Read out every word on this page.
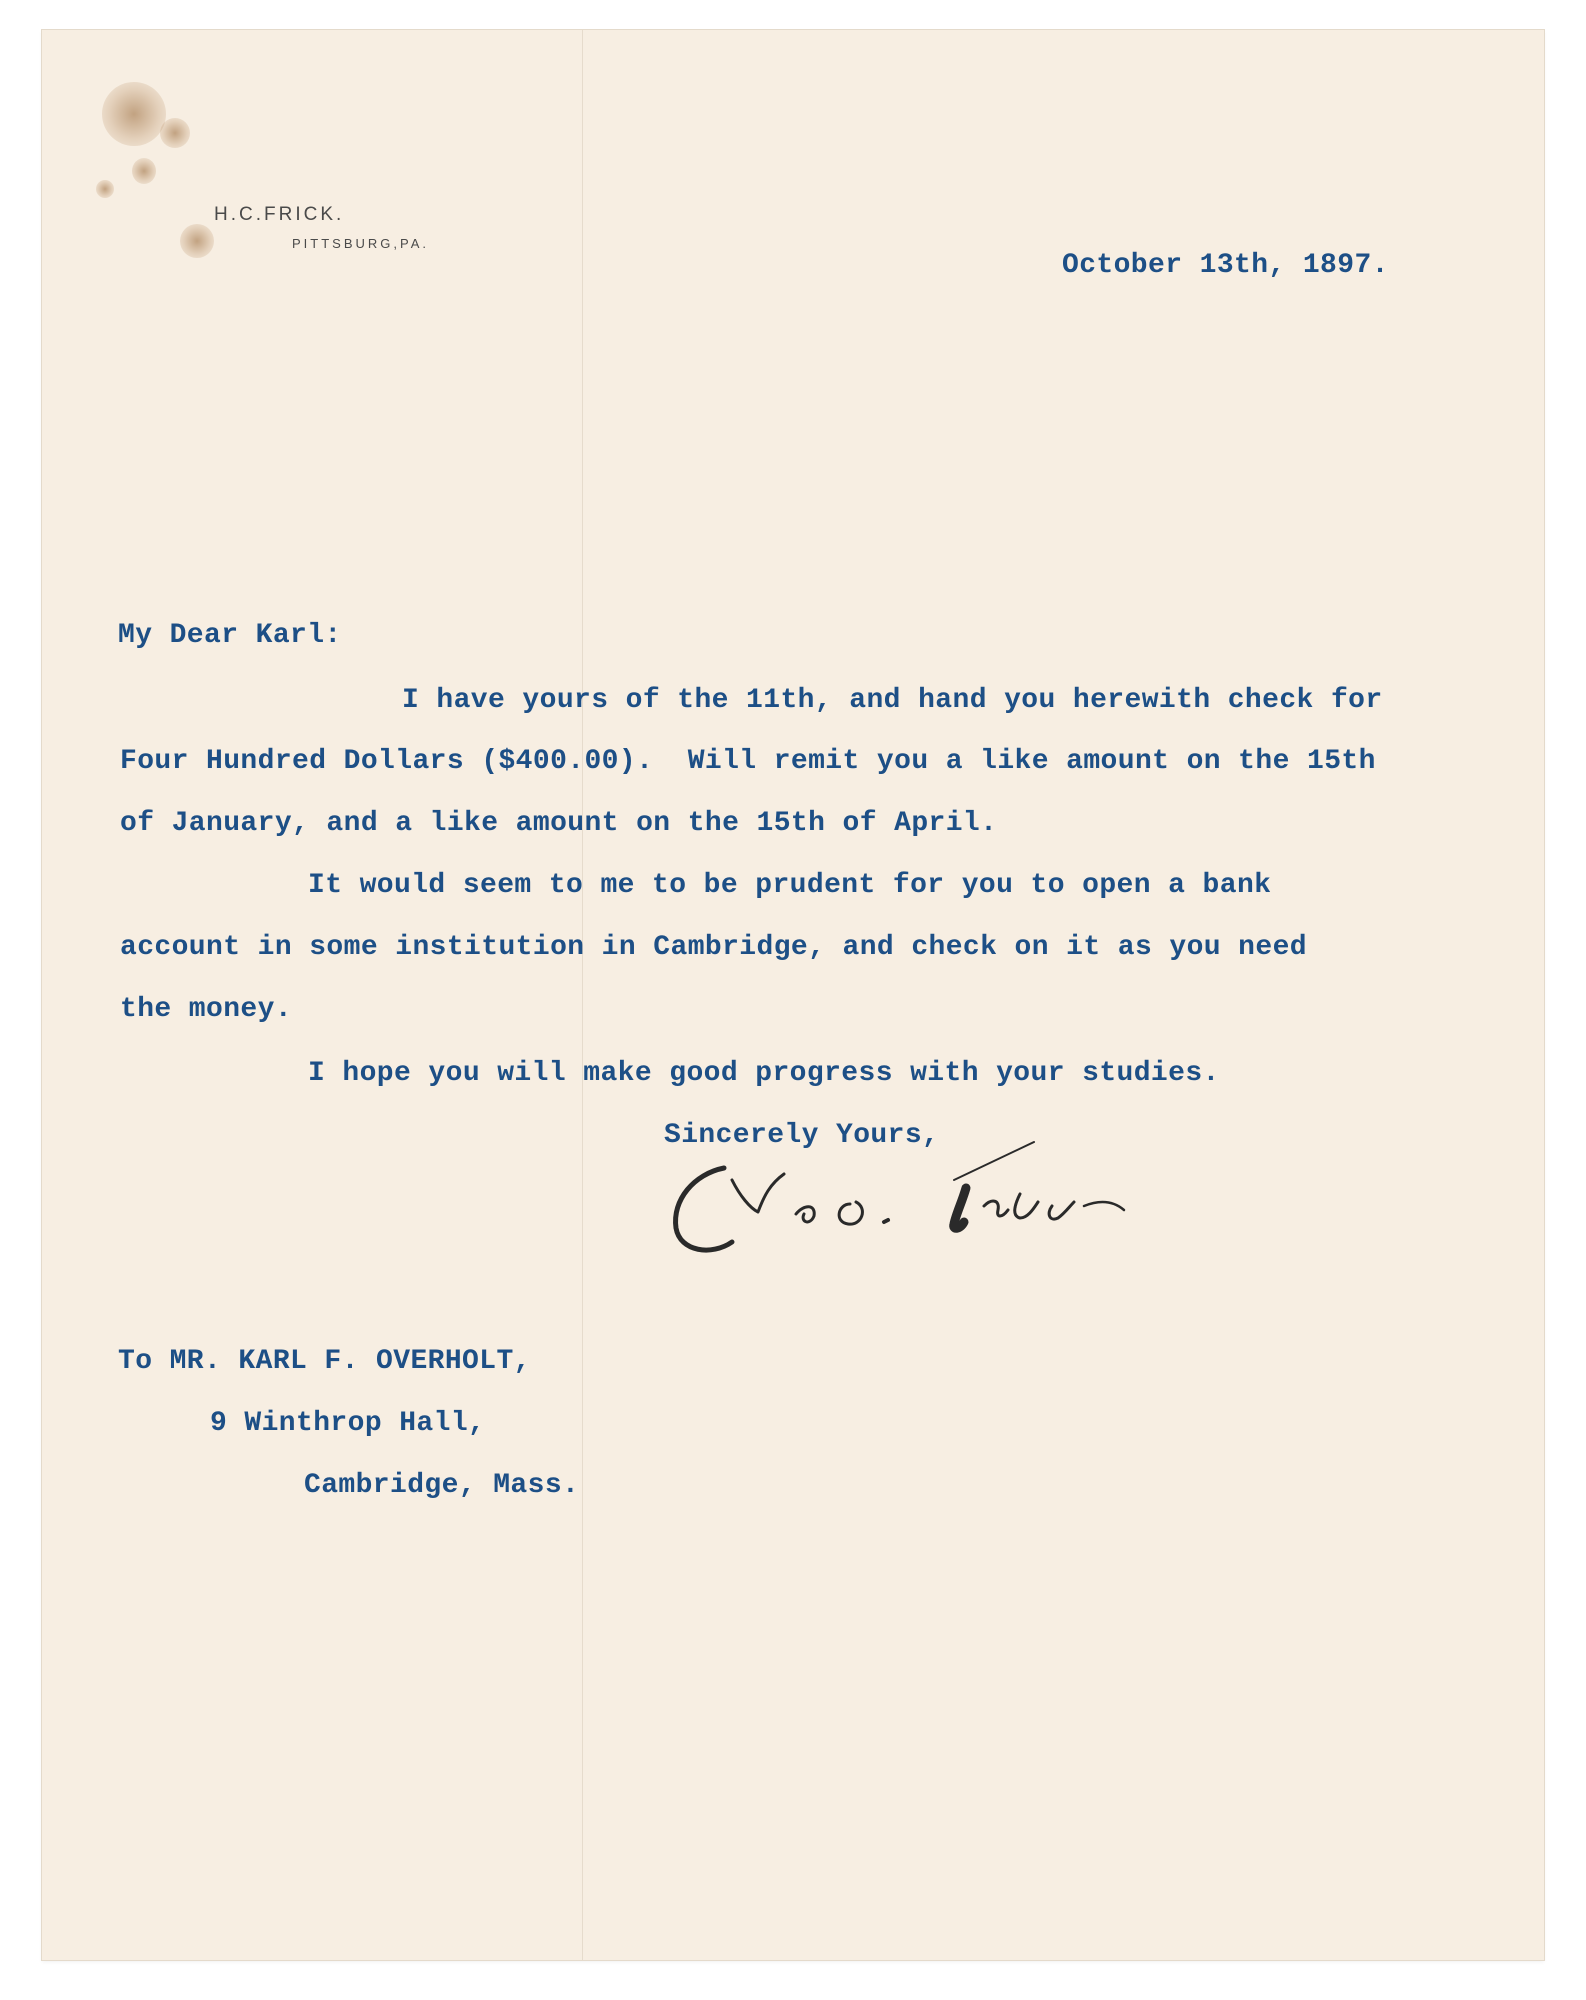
H.C.FRICK.
PITTSBURG,PA.
October 13th, 1897.
My Dear Karl:
I have yours of the 11th, and hand you herewith check for
Four Hundred Dollars ($400.00).  Will remit you a like amount on the 15th
of January, and a like amount on the 15th of April.
It would seem to me to be prudent for you to open a bank
account in some institution in Cambridge, and check on it as you need
the money.
I hope you will make good progress with your studies.
Sincerely Yours,
To MR. KARL F. OVERHOLT,
9 Winthrop Hall,
Cambridge, Mass.
